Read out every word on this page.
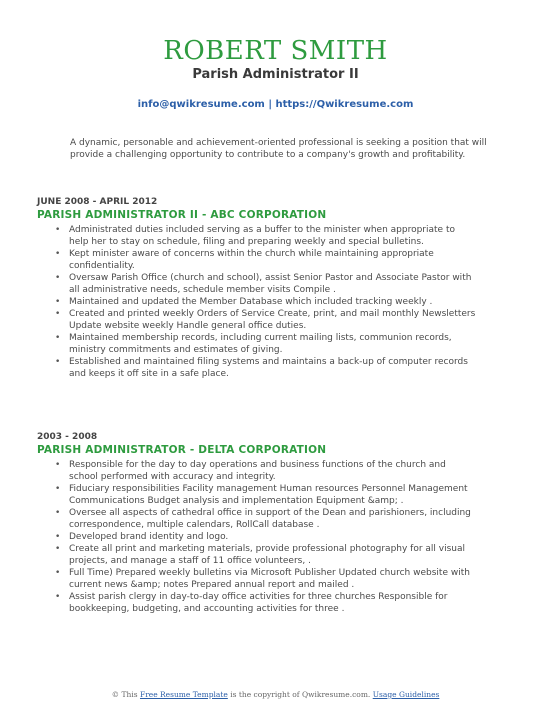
ROBERT SMITH
Parish Administrator II
info@qwikresume.com | https://Qwikresume.com
A dynamic, personable and achievement-oriented professional is seeking a position that will provide a challenging opportunity to contribute to a company's growth and profitability.
JUNE 2008 - APRIL 2012
PARISH ADMINISTRATOR II - ABC CORPORATION
• Administrated duties included serving as a buffer to the minister when appropriate to help her to stay on schedule, filing and preparing weekly and special bulletins.
• Kept minister aware of concerns within the church while maintaining appropriate confidentiality.
• Oversaw Parish Office (church and school), assist Senior Pastor and Associate Pastor with all administrative needs, schedule member visits Compile .
• Maintained and updated the Member Database which included tracking weekly .
• Created and printed weekly Orders of Service Create, print, and mail monthly Newsletters Update website weekly Handle general office duties.
• Maintained membership records, including current mailing lists, communion records, ministry commitments and estimates of giving.
• Established and maintained filing systems and maintains a back-up of computer records and keeps it off site in a safe place.
2003 - 2008
PARISH ADMINISTRATOR - DELTA CORPORATION
• Responsible for the day to day operations and business functions of the church and school performed with accuracy and integrity.
• Fiduciary responsibilities Facility management Human resources Personnel Management Communications Budget analysis and implementation Equipment &amp; .
• Oversee all aspects of cathedral office in support of the Dean and parishioners, including correspondence, multiple calendars, RollCall database .
• Developed brand identity and logo.
• Create all print and marketing materials, provide professional photography for all visual projects, and manage a staff of 11 office volunteers, .
• Full Time) Prepared weekly bulletins via Microsoft Publisher Updated church website with current news &amp; notes Prepared annual report and mailed .
• Assist parish clergy in day-to-day office activities for three churches Responsible for bookkeeping, budgeting, and accounting activities for three .
© This Free Resume Template is the copyright of Qwikresume.com. Usage Guidelines
